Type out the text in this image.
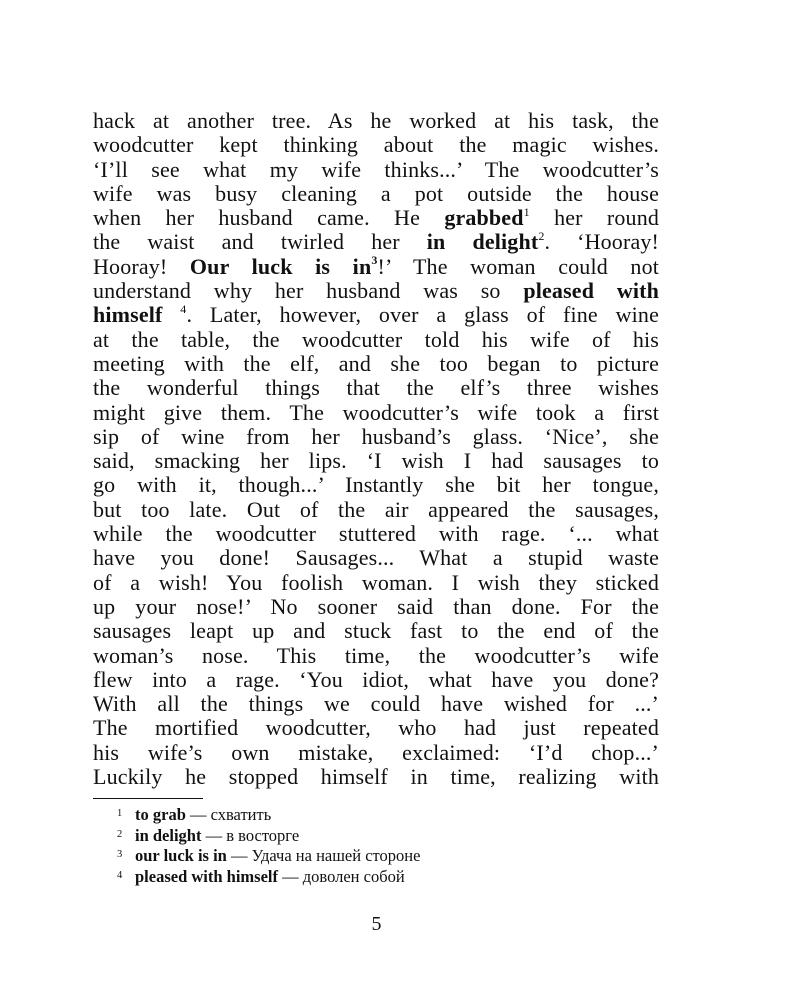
hack at another tree. As he worked at his task, the
woodcutter kept thinking about the magic wishes.
‘I’ll see what my wife thinks...’ The woodcutter’s
wife was busy cleaning a pot outside the house
when her husband came. He grabbed$^1$ her round
the waist and twirled her in delight$^2$. ‘Hooray!
Hooray! Our luck is $in^3$!’ The woman could not
understand why her husband was so pleased with
himself $^4$. Later, however, over a glass of fine wine
at the table, the woodcutter told his wife of his
meeting with the elf, and she too began to picture
the wonderful things that the elf’s three wishes
might give them. The woodcutter’s wife took a first
sip of wine from her husband’s glass. ‘Nice’, she
said, smacking her lips. ‘I wish I had sausages to
go with it, though...’ Instantly she bit her tongue,
but too late. Out of the air appeared the sausages,
while the woodcutter stuttered with rage. ‘... what
have you done! Sausages... What a stupid waste
of a wish! You foolish woman. I wish they sticked
up your nose!’ No sooner said than done. For the
sausages leapt up and stuck fast to the end of the
woman’s nose. This time, the woodcutter’s wife
flew into a rage. ‘You idiot, what have you done?
With all the things we could have wished for ...’
The mortified woodcutter, who had just repeated
his wife’s own mistake, exclaimed: ‘I’d chop...’
Luckily he stopped himself in time, realizing with
1 to grab — схватить
2 in delight — в восторге
3 our luck is in — Удача на нашей стороне
4 pleased with himself — доволен собой
5
